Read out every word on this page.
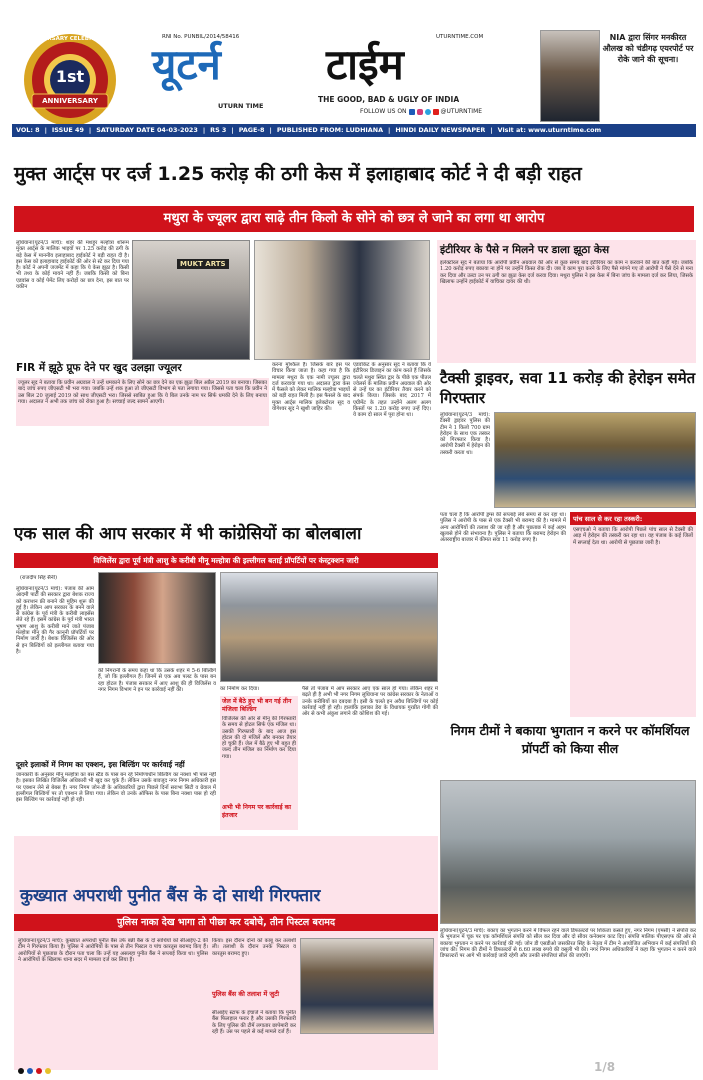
ANNIVERSARY CELEBRATIONS
1st
ANNIVERSARY
RNI No. PUNBIL/2014/58416	UTURNTIME.COM
यूटर्न	टाईम
UTURN TIME
THE GOOD, BAD & UGLY OF INDIA
FOLLOW US ON	@UTURNTIME
NIA द्वारा सिंगर मनकीरत औलख को चंडीगढ़ एयरपोर्ट पर रोके जाने की सूचना।
VOL: 8 | ISSUE 49 | SATURDAY DATE 04-03-2023 | RS 3 | PAGE-8 | PUBLISHED FROM: LUDHIANA | HINDI DAILY NEWSPAPER | Visit at: www.uturntime.com
मुक्त आर्ट्स पर दर्ज 1.25 करोड़ की ठगी केस में इलाहाबाद कोर्ट ने दी बड़ी राहत
मथुरा के ज्यूलर द्वारा साढ़े तीन किलो के सोने को छत्र ले जाने का लगा था आरोप
लुधियाना(यूटर्न/3 मार्च): शहर की मशहूर मल्होत्रा शोरूम मुक्त आर्ट्स के मालिक भाइयों पर 1.25 करोड़ की ठगी के बड़े केस में माननीय इलाहाबाद हाईकोर्ट ने बड़ी राहत दी है। इस केस को इलाहाबाद हाईकोर्ट की ओर से स्टे कर दिया गया है। कोर्ट ने अपनी जजमेंट में कहा कि ये केस झूठा है। किसी भी तथ्य के कोई मायने नहीं हैं। जबकि किसी को बिना एडवांस व कोई पेमेंट लिए करोड़ों का छत्र देना, इस बात पर यकीन
MUKT ARTS
इंटीरियर के पैसे न मिलने पर डाला झूठा केस
इलेक्टोरल सूद ने बताया कि आरोपी प्रवीन अग्रवाल की ओर से कुछ समय बाद इंटीरियर का काम न करवाने की बात कही गई। जबकि 1.20 करोड़ रुपए बकाया ना होने पर उन्होंने किस्त रोक दी। जब वे काम पूरा करने के लिए पैसे मांगने गए तो आरोपी ने पैसे देने से मना कर दिया और उल्टा उन पर ठगी का झूठा केस दर्ज करवा दिया। मथुरा पुलिस ने इस केस में बिना जांच के मामला दर्ज कर लिया, जिसके खिलाफ उन्होंने हाईकोर्ट में याचिका दायर की थी।
FIR में झूठे प्रूफ देने पर खुद उलझा ज्यूलर
ज्यूलर सूद ने बताया कि प्रवीन अग्रवाल ने उन्हें धमकाने के लिए सोने का छत्र देने का एक झूठा बिल अप्रैल 2019 का बनाया। जिसका बाद जांच रुपए जीएसटी भी भरा गया। जबकि उन्हें शक हुआ तो जीएसटी विभाग से पता लगाया गया। जिससे पता चला कि प्रवीन ने उस बिल 20 जुलाई 2019 को साथ जीएसटी भरा। जिससे साबित हुआ कि ये बिल उनके नाम पर सिर्फ धमकी देने के लिए बनाया गया। अदालत ने अभी तक जांच को रोका हुआ है। सच्चाई जल्द सामने आएगी।
करना मुश्किल है। जिसके बारे इस पर विचार किया जाता है। कहा गया है कि मामला मथुरा के एक नामी ज्यूलर द्वारा दर्ज करवाया गया था। अदालत द्वारा केस में फैसले को लेकर मालिक मल्होत्रा भाइयों को बड़ी राहत मिली है। इस फैसले के बाद मुक्त आर्ट्स मालिक इलेक्टोरल सूद व योगेश्वर सूद ने खुशी जाहिर की।
एडवोकेट के अनुसार सूद ने बताया कि ये इंटीरियर डिजाइन का काम करते हैं जिसके चलते मथुरा स्थित द्वार के पीछे एक पीतल ज्वेलर्स के मालिक प्रवीन अग्रवाल की ओर से उन्हें घर का इंटीरियर तैयार करने को संपर्क किया। जिसके बाद 2017 में एग्रीमेंट के तहत उन्होंने अलग अलग किस्तों पर 1.20 करोड़ रुपए उन्हें दिए। ये काम दो साल में पूरा होना था।
टैक्सी ड्राइवर, सवा 11 करोड़ की हेरोइन समेत गिरफ्तार
लुधियाना(यूटर्न/3 मार्च): टैक्सी ड्राइवर पुलिस की टीम ने 1 किलो 700 ग्राम हेरोइन के साथ एक तस्कर को गिरफ्तार किया है। आरोपी टैक्सी में हेरोइन की तस्करी करता था।
पता चला है कि आरोपी ड्रग्स की सप्लाई लंबे समय से कर रहा था। पुलिस ने आरोपी के पास से एक टैक्सी भी बरामद की है। मामले में अन्य आरोपियों की तलाश की जा रही है और पूछताछ में कई अहम खुलासे होने की संभावना है। पुलिस ने बताया कि बरामद हेरोइन की अंतरराष्ट्रीय बाजार में कीमत सवा 11 करोड़ रुपए है।
पांच साल से कर रहा तस्करी:
एसएचओ ने बताया कि आरोपी पिछले पांच साल से टैक्सी की आड़ में हेरोइन की तस्करी कर रहा था। वह पंजाब के कई जिलों में सप्लाई देता था। आरोपी से पूछताछ जारी है।
एक साल की आप सरकार में भी कांग्रेसियों का बोलबाला
विजिलेंस द्वारा पूर्व मंत्री आशु के करीबी मीनू मल्होत्रा की इल्लीगल बताई प्रॉपर्टियों पर कंस्ट्रक्शन जारी
(राजदीप सिंह सैनी)
लुधियाना(यूटर्न/3 मार्च): पंजाब की आम आदमी पार्टी की सरकार द्वारा बेशक राज्य को करप्शन फ्री बनाने की मुहिम शुरू की हुई है। लेकिन आप सरकार के बनने वाले से कांग्रेस के पूर्व मंत्री के करीबी लाइसेंस लेते रहे हैं। इसमें कांग्रेस के पूर्व मंत्री भारत भूषण आशु के करीबी माने जाते पंजाब मल्होत्रा मीनू की गैर कानूनी प्रॉपर्टियों पर निर्माण जारी है। बेशक विजिलेंस की ओर से इन बिल्डिंगों को इल्लीगल बताया गया है।
की निगरानी के समय कहा था कि उसके शहर में 5-6 बिल्डिंगें हैं, जो कि इल्लीगल हैं। जिनमें से एक अब पलट के पास बन रहा होटल है। पंजाब सरकार में आए आशु की ही विजिलेंस व नगर निगम विभाग ने इन पर कार्रवाई नहीं की।	का निर्माण कर दिया।
जेल में बैठे हुए भी बन गई तीन मंजिला बिल्डिंग
विजिलेंस की ओर से मीनू की गिरफ्तारी के समय से होटल सिर्फ एक मंजिल था। उसकी गिरफ्तारी के बाद आज इस होटल की दो मंजिलें और बनकर तैयार हो चुकी हैं। जेल में बैठे हुए भी बहुत ही जल्द तीन मंजिल का निर्माण कर दिया गया।
अभी भी निगम पर कार्रवाई का इंतजार
पैसे तो पंजाब में आप सरकार आए एक साल हो गया। लेकिन शहर में बढ़ते ही है अभी भी नगर निगम लुधियाना पर कांग्रेस सरकार के नेताओं व उनके करीबियों का दबदबा है। इसी के चलते इन अवैध बिल्डिंगों पर कोई कार्रवाई नहीं हो रही। हालांकि इलाका डेरा के विधायक गुरप्रीत गोगी की ओर से कभी अंकुश लगाने की कोशिश की गई।
दूसरे इलाकों में निगम का एक्शन, इस बिल्डिंग पर कार्रवाई नहीं
जानकारी के अनुसार मीनू मल्होत्रा का बस स्टैंड के पास बन रहे निर्माणाधीन बिल्डिंग का नक्शा भी पास नहीं है। इसका लिखित विजिलेंस अधिकारी भी खुद कर चुके हैं। लेकिन उसके बावजूद नगर निगम अधिकारी इस पर एक्शन लेने से बेबस हैं। नगर निगम जोन-डी के अधिकारियों द्वारा पिछले दिनों सराभा सिटी व ग्रेवाल में इल्लीगल बिल्डिंगों पर तो एक्शन ले लिया गया। लेकिन वो उनके ऑफिस के पास बिना नक्शा पास हो रही इस बिल्डिंग पर कार्रवाई नहीं हो रही।
निगम टीमों ने बकाया भुगतान न करने पर कॉमर्शियल प्रॉपर्टी को किया सील
लुधियाना(यूटर्न/3 मार्च): बकाए का भुगतान करने में विफल रहने वाले डिफाल्टरों पर शिकंजा कसते हुए, नगर निगम (एमसी) ने संपत्ति कर के भुगतान में चूक पर एक कॉमर्शियल संपत्ति को सील कर दिया और दो सीवर कनेक्शन काट दिए। संपत्ति मालिक पीएसएफ की ओर से बकाया भुगतान न करने पर कार्रवाई की गई। जोन डी एसडीओ जसकीरत सिंह के नेतृत्व में टीम ने आयोजित अभियान में कई संपत्तियों की जांच की। निगम की टीमों ने डिफाल्टरों से 6.60 लाख रुपये की वसूली भी की। नगर निगम अधिकारियों ने कहा कि भुगतान न करने वाले डिफाल्टरों पर आगे भी कार्रवाई जारी रहेगी और उनकी संपत्तियां सील की जाएंगी।
कुख्यात अपराधी पुनीत बैंस के दो साथी गिरफ्तार
पुलिस नाका देख भागा तो पीछा कर दबोचे, तीन पिस्टल बरामद
लुधियाना(यूटर्न/3 मार्च): कुख्यात अपराधी पुनीत बैंस उर्फ बन्नी बैंस के दो साथियों को सीआईए-2 की टीम ने गिरफ्तार किया है। पुलिस ने आरोपियों के पास से तीन पिस्टल व पांच कारतूस बरामद किए हैं। आरोपियों से पूछताछ के दौरान पता चला कि उन्हें यह असलहा पुनीत बैंस ने सप्लाई किया था। पुलिस ने आरोपियों के खिलाफ थाना सदर में मामला दर्ज कर लिया है।
किया। इस दौरान दोनों को काबू कर तलाशी ली। तलाशी के दौरान उनके पिस्टल व कारतूस बरामद हुए।
पुलिस बैंस की तलाश में जुटी
सीआईए स्टाफ के इंचार्ज ने बताया कि पुनीत बैंस फिलहाल फरार है और उसकी गिरफ्तारी के लिए पुलिस की टीमें लगातार छापेमारी कर रही हैं। उस पर पहले से कई मामले दर्ज हैं।
1/8
